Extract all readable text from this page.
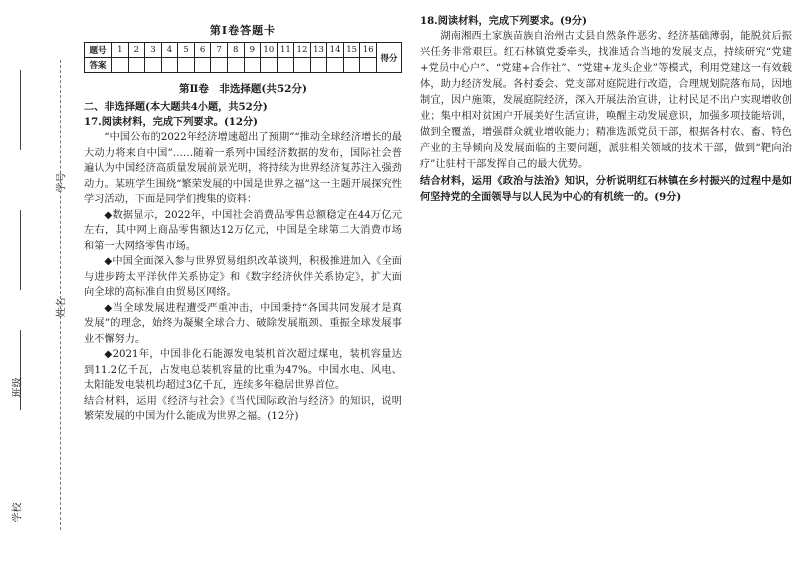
学号
姓名
班级
学校
第Ⅰ卷答题卡
题号	1	2	3	4	5	6	7	8	9	10	11	12	13	14	15	16	得分
答案																	
第Ⅱ卷　非选择题(共52分)

二、非选择题(本大题共4小题，共52分)

17.阅读材料，完成下列要求。(12分)

“中国公布的2022年经济增速超出了预期”“推动全球经济增长的最大动力将来自中国”……随着一系列中国经济数据的发布，国际社会普遍认为中国经济高质量发展前景光明，将持续为世界经济复苏注入强劲动力。某班学生围绕“繁荣发展的中国是世界之福”这一主题开展探究性学习活动，下面是同学们搜集的资料：

◆数据显示，2022年，中国社会消费品零售总额稳定在44万亿元左右，其中网上商品零售额达12万亿元，中国是全球第二大消费市场和第一大网络零售市场。

◆中国全面深入参与世界贸易组织改革谈判，积极推进加入《全面与进步跨太平洋伙伴关系协定》和《数字经济伙伴关系协定》，扩大面向全球的高标准自由贸易区网络。

◆当全球发展进程遭受严重冲击，中国秉持“各国共同发展才是真发展”的理念，始终为凝聚全球合力、破除发展瓶颈、重振全球发展事业不懈努力。

◆2021年，中国非化石能源发电装机首次超过煤电，装机容量达到11.2亿千瓦，占发电总装机容量的比重为47%。中国水电、风电、太阳能发电装机均超过3亿千瓦，连续多年稳居世界首位。

结合材料，运用《经济与社会》《当代国际政治与经济》的知识，说明繁荣发展的中国为什么能成为世界之福。(12分)

18.阅读材料，完成下列要求。(9分)

湖南湘西土家族苗族自治州古丈县自然条件恶劣、经济基础薄弱，能脱贫后振兴任务非常艰巨。红石林镇党委牵头，找准适合当地的发展支点，持续研究“党建+党员中心户”、“党建+合作社”、“党建+龙头企业”等模式，利用党建这一有效载体，助力经济发展。各村委会、党支部对庭院进行改造，合理规划院落布局，因地制宜，因户施策，发展庭院经济，深入开展法治宣讲，让村民足不出户实现增收创业；集中相对贫困户开展美好生活宣讲，唤醒主动发展意识，加强多项技能培训，做到全覆盖，增强群众就业增收能力；精准选派党员干部，根据各村农、畜、特色产业的主导倾向及发展面临的主要问题，派驻相关领域的技术干部，做到“靶向治疗”让驻村干部发挥自己的最大优势。

结合材料，运用《政治与法治》知识，分析说明红石林镇在乡村振兴的过程中是如何坚持党的全面领导与以人民为中心的有机统一的。(9分)
